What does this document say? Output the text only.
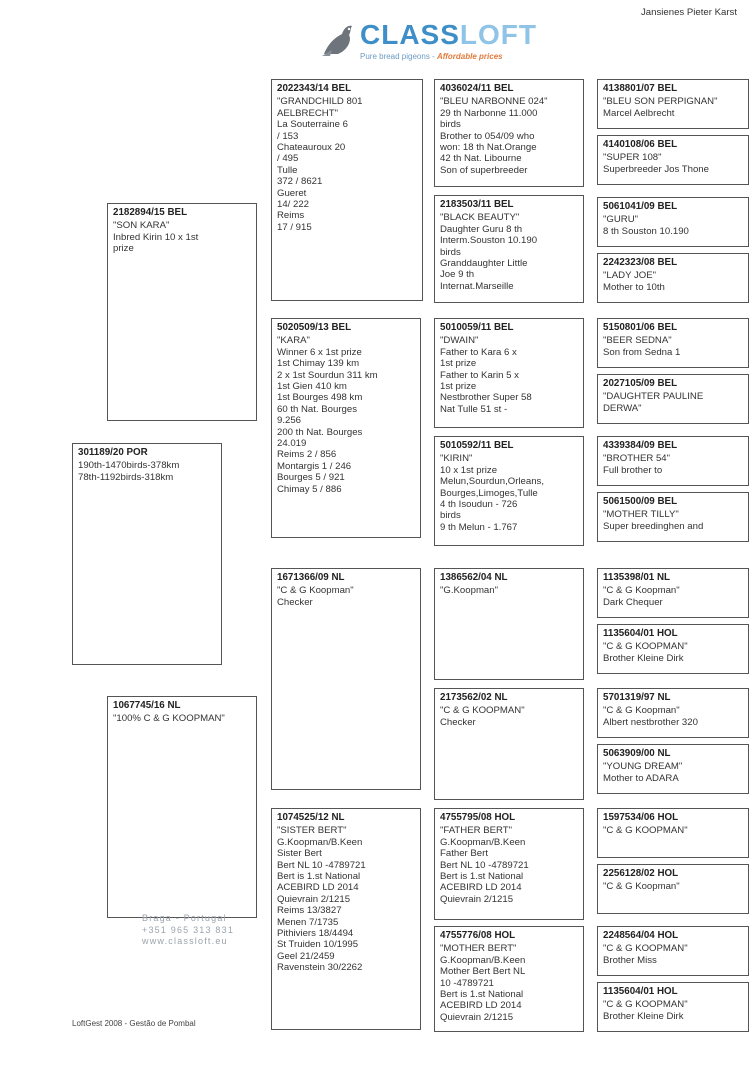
Jansienes Pieter Karst
CLASSLOFT
Pure bread pigeons - Affordable prices
301189/20 POR
190th-1470birds-378km
78th-1192birds-318km
2182894/15 BEL
"SON KARA"
Inbred Kirin 10 x 1st
prize
1067745/16 NL
"100% C & G KOOPMAN"
2022343/14 BEL
"GRANDCHILD 801
AELBRECHT"
La Souterraine 6
/ 153
Chateauroux 20
/ 495
Tulle
372 / 8621
Gueret
14/ 222
Reims
17 / 915
5020509/13 BEL
"KARA"
Winner 6 x 1st prize
1st Chimay 139 km
2 x 1st Sourdun 311 km
1st Gien 410 km
1st Bourges 498 km
60 th Nat. Bourges
9.256
200 th Nat. Bourges
24.019
Reims 2 / 856
Montargis 1 / 246
Bourges 5 / 921
Chimay 5 / 886
1671366/09 NL
"C & G Koopman"
Checker
1074525/12 NL
"SISTER BERT"
G.Koopman/B.Keen
Sister Bert
Bert NL 10 -4789721
Bert is 1.st National
ACEBIRD LD 2014
Quievrain 2/1215
Reims 13/3827
Menen 7/1735
Pithiviers 18/4494
St Truiden 10/1995
Geel 21/2459
Ravenstein 30/2262
4036024/11 BEL
"BLEU NARBONNE 024"
29 th Narbonne 11.000
birds
Brother to 054/09 who
won: 18 th Nat.Orange
42 th Nat. Libourne
Son of superbreeder
2183503/11 BEL
"BLACK BEAUTY"
Daughter Guru 8 th
Interm.Souston 10.190
birds
Granddaughter Little
Joe 9 th
Internat.Marseille
5010059/11 BEL
"DWAIN"
Father to Kara 6 x
1st prize
Father to Karin 5 x
1st prize
Nestbrother Super 58
Nat Tulle 51 st -
5010592/11 BEL
"KIRIN"
10 x 1st prize
Melun,Sourdun,Orleans,
Bourges,Limoges,Tulle
4 th Isoudun - 726
birds
9 th Melun - 1.767
1386562/04 NL
"G.Koopman"
2173562/02 NL
"C & G KOOPMAN"
Checker
4755795/08 HOL
"FATHER BERT"
G.Koopman/B.Keen
Father Bert
Bert NL 10 -4789721
Bert is 1.st National
ACEBIRD LD 2014
Quievrain 2/1215
4755776/08 HOL
"MOTHER BERT"
G.Koopman/B.Keen
Mother Bert Bert NL
10 -4789721
Bert is 1.st National
ACEBIRD LD 2014
Quievrain 2/1215
4138801/07 BEL
"BLEU SON PERPIGNAN"
Marcel Aelbrecht
4140108/06 BEL
"SUPER 108"
Superbreeder Jos Thone
5061041/09 BEL
"GURU"
8 th Souston 10.190
2242323/08 BEL
"LADY JOE"
Mother to 10th
5150801/06 BEL
"BEER SEDNA"
Son from Sedna 1
2027105/09 BEL
"DAUGHTER PAULINE
DERWA"
4339384/09 BEL
"BROTHER 54"
Full brother to
5061500/09 BEL
"MOTHER TILLY"
Super breedinghen and
1135398/01 NL
"C & G Koopman"
Dark Chequer
1135604/01 HOL
"C & G KOOPMAN"
Brother Kleine Dirk
5701319/97 NL
"C & G Koopman"
Albert nestbrother 320
5063909/00 NL
"YOUNG DREAM"
Mother to ADARA
1597534/06 HOL
"C & G KOOPMAN"
2256128/02 HOL
"C & G Koopman"
2248564/04 HOL
"C & G KOOPMAN"
Brother Miss
1135604/01 HOL
"C & G KOOPMAN"
Brother Kleine Dirk
Braga - Portugal
+351 965 313 831
www.classloft.eu
LoftGest 2008 - Gestão de Pombal
